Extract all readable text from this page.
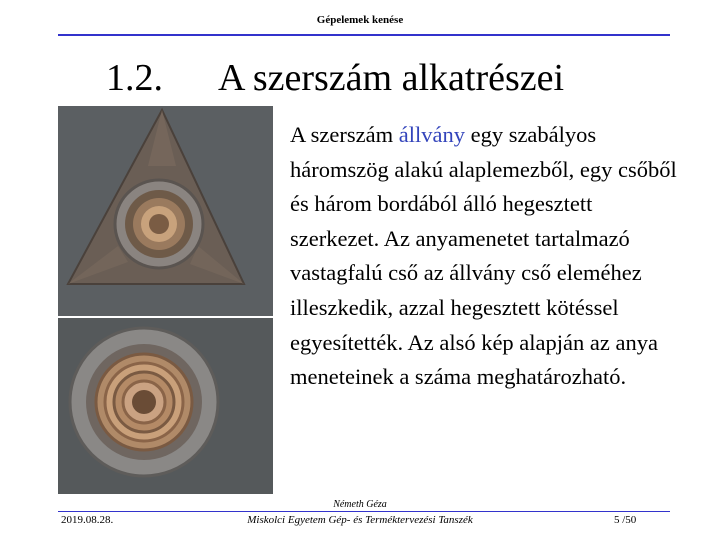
Gépelemek kenése
1.2. A szerszám alkatrészei
A szerszám állvány egy szabályos háromszög alakú alaplemezből, egy csőből és három bordából álló hegesztett szerkezet. Az anyamenetet tartalmazó vastagfalú cső az állvány cső eleméhez illeszkedik, azzal hegesztett kötéssel egyesítették. Az alsó kép alapján az anya meneteinek a száma meghatározható.
Németh Géza
2019.08.28.	Miskolci Egyetem Gép- és Terméktervezési Tanszék	5 /50
